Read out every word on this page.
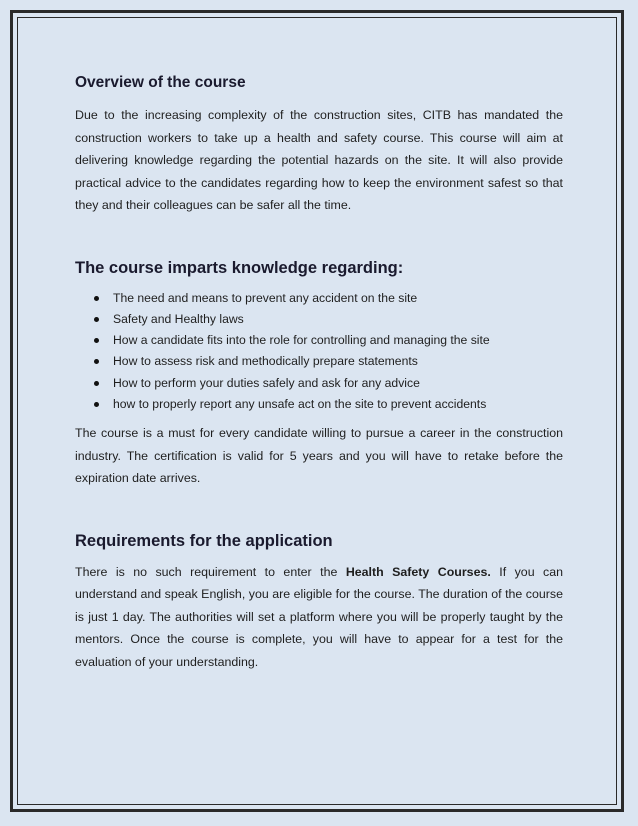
Overview of the course

Due to the increasing complexity of the construction sites, CITB has mandated the construction workers to take up a health and safety course. This course will aim at delivering knowledge regarding the potential hazards on the site. It will also provide practical advice to the candidates regarding how to keep the environment safest so that they and their colleagues can be safer all the time.

The course imparts knowledge regarding:
The need and means to prevent any accident on the site
Safety and Healthy laws
How a candidate fits into the role for controlling and managing the site
How to assess risk and methodically prepare statements
How to perform your duties safely and ask for any advice
how to properly report any unsafe act on the site to prevent accidents

The course is a must for every candidate willing to pursue a career in the construction industry. The certification is valid for 5 years and you will have to retake before the expiration date arrives.

Requirements for the application

There is no such requirement to enter the Health Safety Courses. If you can understand and speak English, you are eligible for the course. The duration of the course is just 1 day. The authorities will set a platform where you will be properly taught by the mentors. Once the course is complete, you will have to appear for a test for the evaluation of your understanding.
